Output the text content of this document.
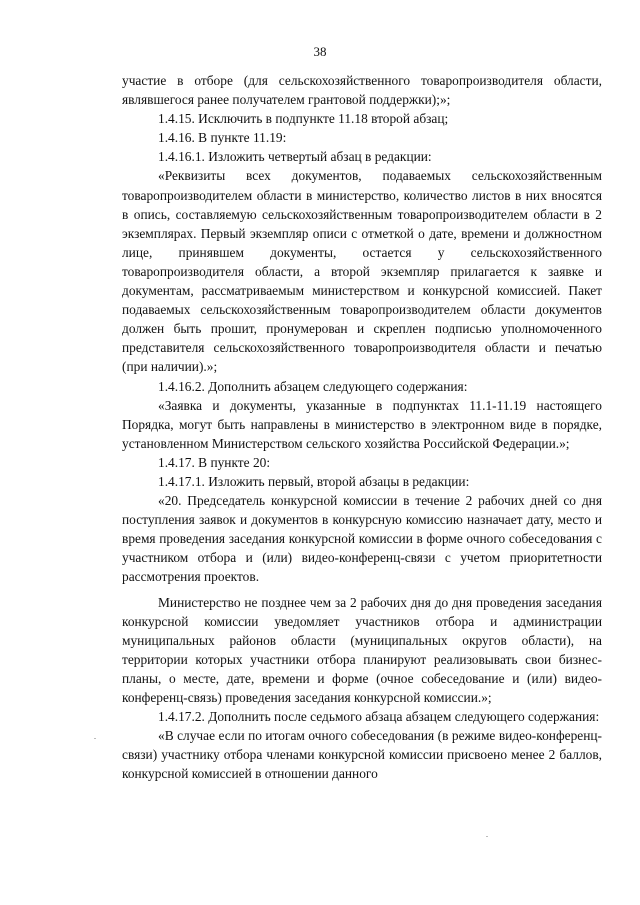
38

участие в отборе (для сельскохозяйственного товаропроизводителя области, являвшегося ранее получателем грантовой поддержки);»;

1.4.15. Исключить в подпункте 11.18 второй абзац;

1.4.16. В пункте 11.19:

1.4.16.1. Изложить четвертый абзац в редакции:

«Реквизиты всех документов, подаваемых сельскохозяйственным товаропроизводителем области в министерство, количество листов в них вносятся в опись, составляемую сельскохозяйственным товаропроизводителем области в 2 экземплярах. Первый экземпляр описи с отметкой о дате, времени и должностном лице, принявшем документы, остается у сельскохозяйственного товаропроизводителя области, а второй экземпляр прилагается к заявке и документам, рассматриваемым министерством и конкурсной комиссией. Пакет подаваемых сельскохозяйственным товаропроизводителем области документов должен быть прошит, пронумерован и скреплен подписью уполномоченного представителя сельскохозяйственного товаропроизводителя области и печатью (при наличии).»;

1.4.16.2. Дополнить абзацем следующего содержания:

«Заявка и документы, указанные в подпунктах 11.1-11.19 настоящего Порядка, могут быть направлены в министерство в электронном виде в порядке, установленном Министерством сельского хозяйства Российской Федерации.»;

1.4.17. В пункте 20:

1.4.17.1. Изложить первый, второй абзацы в редакции:

«20. Председатель конкурсной комиссии в течение 2 рабочих дней со дня поступления заявок и документов в конкурсную комиссию назначает дату, место и время проведения заседания конкурсной комиссии в форме очного собеседования с участником отбора и (или) видео-конференц-связи с учетом приоритетности рассмотрения проектов.

Министерство не позднее чем за 2 рабочих дня до дня проведения заседания конкурсной комиссии уведомляет участников отбора и администрации муниципальных районов области (муниципальных округов области), на территории которых участники отбора планируют реализовывать свои бизнес-планы, о месте, дате, времени и форме (очное собеседование и (или) видео-конференц-связь) проведения заседания конкурсной комиссии.»;

1.4.17.2. Дополнить после седьмого абзаца абзацем следующего содержания:

«В случае если по итогам очного собеседования (в режиме видео-конференц-связи) участнику отбора членами конкурсной комиссии присвоено менее 2 баллов, конкурсной комиссией в отношении данного
